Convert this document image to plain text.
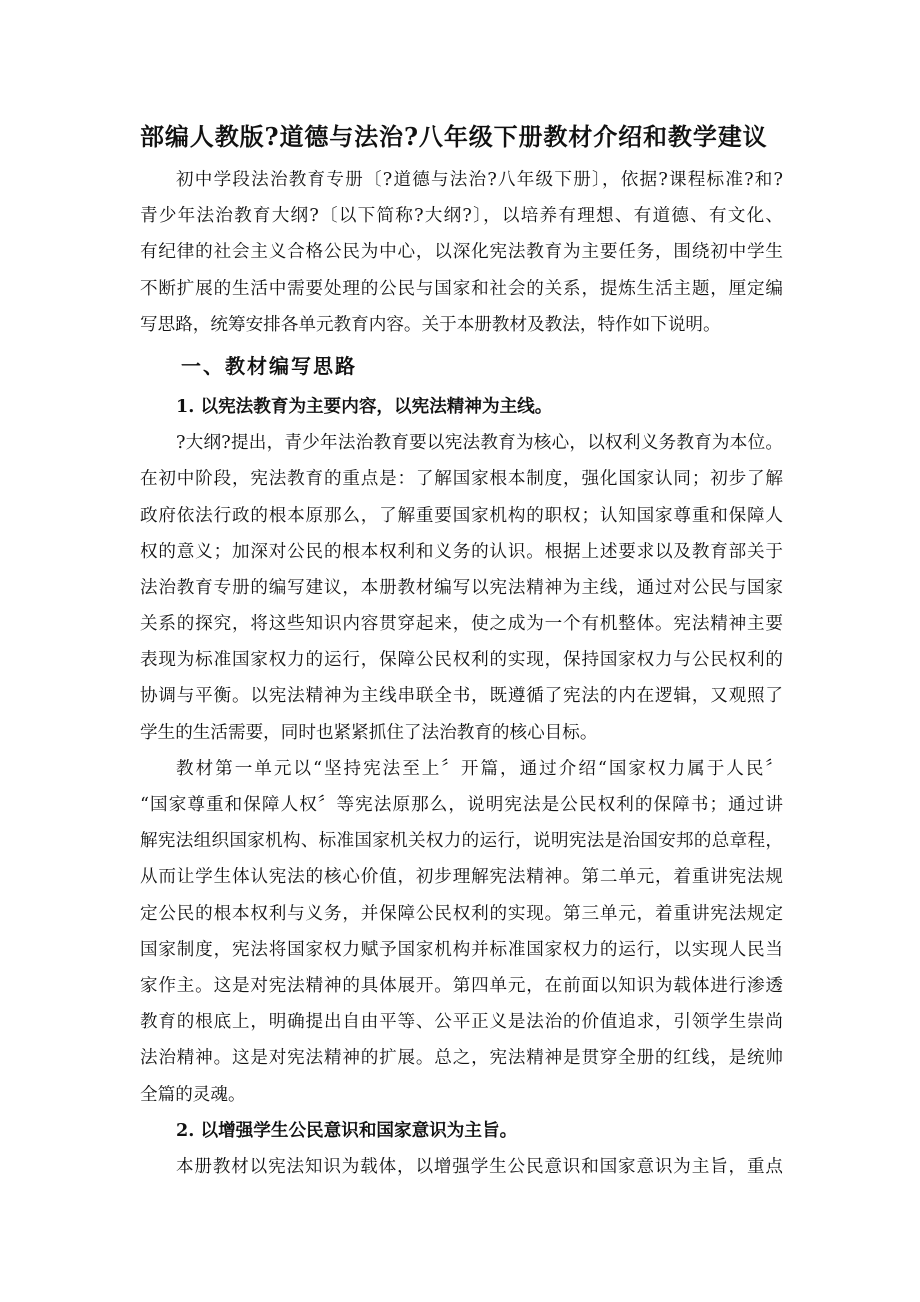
部编人教版?道德与法治?八年级下册教材介绍和教学建议
初中学段法治教育专册〔?道德与法治?八年级下册〕，依据?课程标准?和?
青少年法治教育大纲?〔以下简称?大纲?〕，以培养有理想、有道德、有文化、
有纪律的社会主义合格公民为中心，以深化宪法教育为主要任务，围绕初中学生
不断扩展的生活中需要处理的公民与国家和社会的关系，提炼生活主题，厘定编
写思路，统筹安排各单元教育内容。关于本册教材及教法，特作如下说明。
一、教材编写思路
1. 以宪法教育为主要内容，以宪法精神为主线。
?大纲?提出，青少年法治教育要以宪法教育为核心，以权利义务教育为本位。
在初中阶段，宪法教育的重点是：了解国家根本制度，强化国家认同；初步了解
政府依法行政的根本原那么，了解重要国家机构的职权；认知国家尊重和保障人
权的意义；加深对公民的根本权利和义务的认识。根据上述要求以及教育部关于
法治教育专册的编写建议，本册教材编写以宪法精神为主线，通过对公民与国家
关系的探究，将这些知识内容贯穿起来，使之成为一个有机整体。宪法精神主要
表现为标准国家权力的运行，保障公民权利的实现，保持国家权力与公民权利的
协调与平衡。以宪法精神为主线串联全书，既遵循了宪法的内在逻辑，又观照了
学生的生活需要，同时也紧紧抓住了法治教育的核心目标。
教材第一单元以“坚持宪法至上〞开篇，通过介绍“国家权力属于人民〞
“国家尊重和保障人权〞等宪法原那么，说明宪法是公民权利的保障书；通过讲
解宪法组织国家机构、标准国家机关权力的运行，说明宪法是治国安邦的总章程，
从而让学生体认宪法的核心价值，初步理解宪法精神。第二单元，着重讲宪法规
定公民的根本权利与义务，并保障公民权利的实现。第三单元，着重讲宪法规定
国家制度，宪法将国家权力赋予国家机构并标准国家权力的运行，以实现人民当
家作主。这是对宪法精神的具体展开。第四单元，在前面以知识为载体进行渗透
教育的根底上，明确提出自由平等、公平正义是法治的价值追求，引领学生崇尚
法治精神。这是对宪法精神的扩展。总之，宪法精神是贯穿全册的红线，是统帅
全篇的灵魂。
2. 以增强学生公民意识和国家意识为主旨。
本册教材以宪法知识为载体，以增强学生公民意识和国家意识为主旨，重点
